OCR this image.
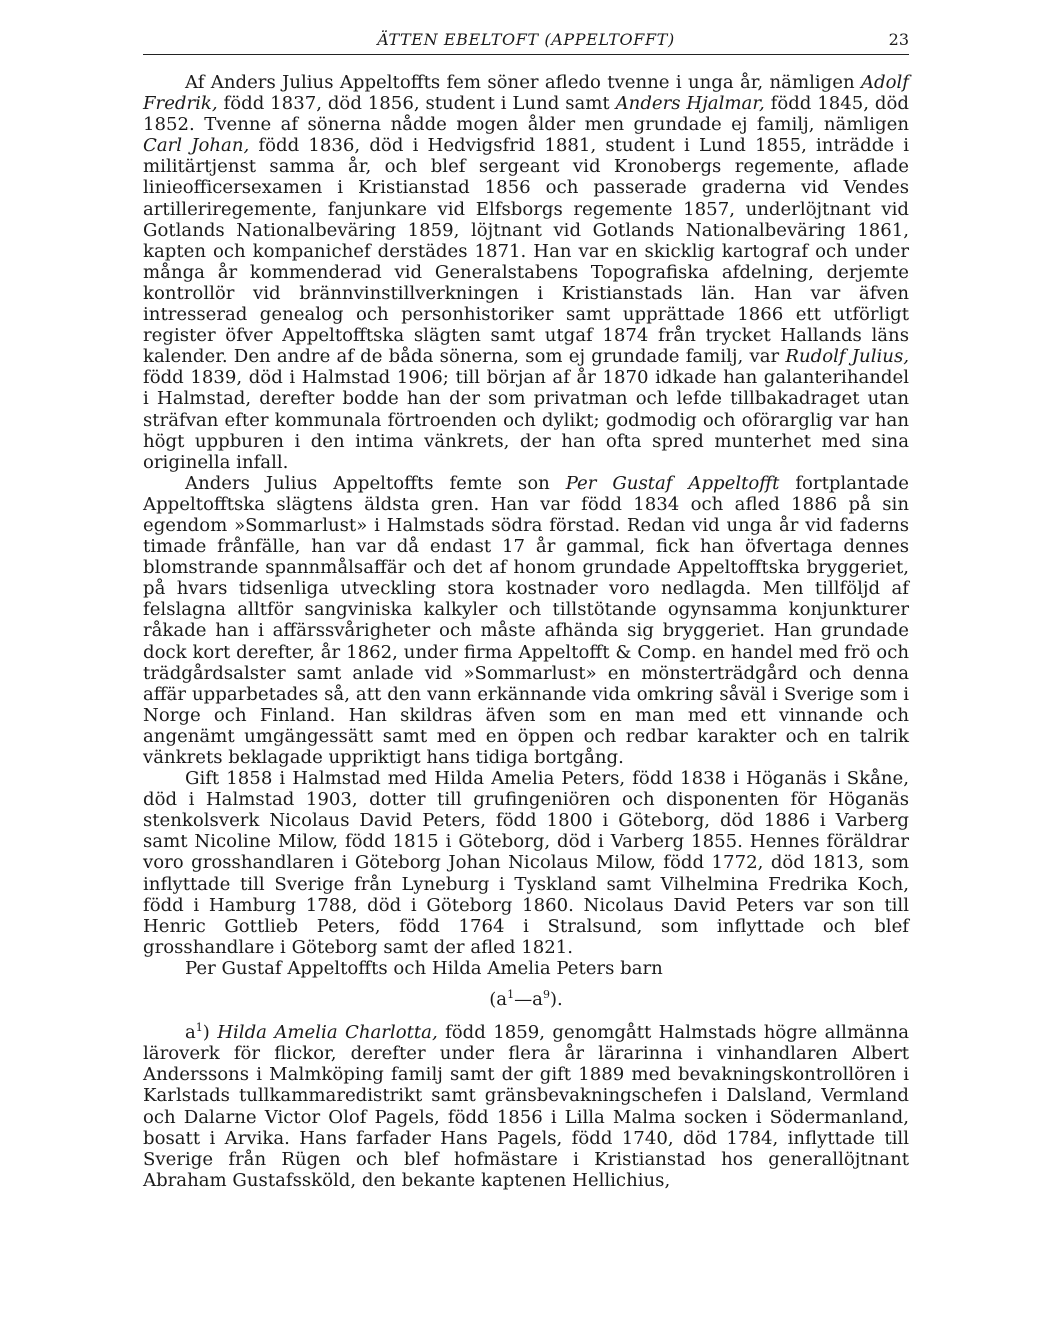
ÄTTEN EBELTOFT (APPELTOFFT)	23

Af Anders Julius Appeltoffts fem söner afledo tvenne i unga år, nämligen Adolf Fredrik, född 1837, död 1856, student i Lund samt Anders Hjalmar, född 1845, död 1852. Tvenne af sönerna nådde mogen ålder men grundade ej familj, nämligen Carl Johan, född 1836, död i Hedvigsfrid 1881, student i Lund 1855, inträdde i militärtjenst samma år, och blef sergeant vid Kronobergs regemente, aflade linieofficersexamen i Kristianstad 1856 och passerade graderna vid Vendes artilleriregemente, fanjunkare vid Elfsborgs regemente 1857, underlöjtnant vid Gotlands Nationalbeväring 1859, löjtnant vid Gotlands Nationalbeväring 1861, kapten och kompanichef derstädes 1871. Han var en skicklig kartograf och under många år kommenderad vid Generalstabens Topografiska afdelning, derjemte kontrollör vid brännvinstillverkningen i Kristianstads län. Han var äfven intresserad genealog och personhistoriker samt upprättade 1866 ett utförligt register öfver Appeltofftska slägten samt utgaf 1874 från trycket Hallands läns kalender. Den andre af de båda sönerna, som ej grundade familj, var Rudolf Julius, född 1839, död i Halmstad 1906; till början af år 1870 idkade han galanterihandel i Halmstad, derefter bodde han der som privatman och lefde tillbakadraget utan sträfvan efter kommunala förtroenden och dylikt; godmodig och oförarglig var han högt uppburen i den intima vänkrets, der han ofta spred munterhet med sina originella infall.

Anders Julius Appeltoffts femte son Per Gustaf Appeltofft fortplantade Appeltofftska slägtens äldsta gren. Han var född 1834 och afled 1886 på sin egendom »Sommarlust» i Halmstads södra förstad. Redan vid unga år vid faderns timade frånfälle, han var då endast 17 år gammal, fick han öfvertaga dennes blomstrande spannmålsaffär och det af honom grundade Appeltofftska bryggeriet, på hvars tidsenliga utveckling stora kostnader voro nedlagda. Men tillföljd af felslagna alltför sangviniska kalkyler och tillstötande ogynsamma konjunkturer råkade han i affärssvårigheter och måste afhända sig bryggeriet. Han grundade dock kort derefter, år 1862, under firma Appeltofft & Comp. en handel med frö och trädgårdsalster samt anlade vid »Sommarlust» en mönsterträdgård och denna affär upparbetades så, att den vann erkännande vida omkring såväl i Sverige som i Norge och Finland. Han skildras äfven som en man med ett vinnande och angenämt umgängessätt samt med en öppen och redbar karakter och en talrik vänkrets beklagade uppriktigt hans tidiga bortgång.

Gift 1858 i Halmstad med Hilda Amelia Peters, född 1838 i Höganäs i Skåne, död i Halmstad 1903, dotter till grufingeniören och disponenten för Höganäs stenkolsverk Nicolaus David Peters, född 1800 i Göteborg, död 1886 i Varberg samt Nicoline Milow, född 1815 i Göteborg, död i Varberg 1855. Hennes föräldrar voro grosshandlaren i Göteborg Johan Nicolaus Milow, född 1772, död 1813, som inflyttade till Sverige från Lyneburg i Tyskland samt Vilhelmina Fredrika Koch, född i Hamburg 1788, död i Göteborg 1860. Nicolaus David Peters var son till Henric Gottlieb Peters, född 1764 i Stralsund, som inflyttade och blef grosshandlare i Göteborg samt der afled 1821.

Per Gustaf Appeltoffts och Hilda Amelia Peters barn

$(a^1—a^9)$.

$a^1$) Hilda Amelia Charlotta, född 1859, genomgått Halmstads högre allmänna läroverk för flickor, derefter under flera år lärarinna i vinhandlaren Albert Anderssons i Malmköping familj samt der gift 1889 med bevakningskontrollören i Karlstads tullkammaredistrikt samt gränsbevakningschefen i Dalsland, Vermland och Dalarne Victor Olof Pagels, född 1856 i Lilla Malma socken i Södermanland, bosatt i Arvika. Hans farfader Hans Pagels, född 1740, död 1784, inflyttade till Sverige från Rügen och blef hofmästare i Kristianstad hos generallöjtnant Abraham Gustafssköld, den bekante kaptenen Hellichius,
